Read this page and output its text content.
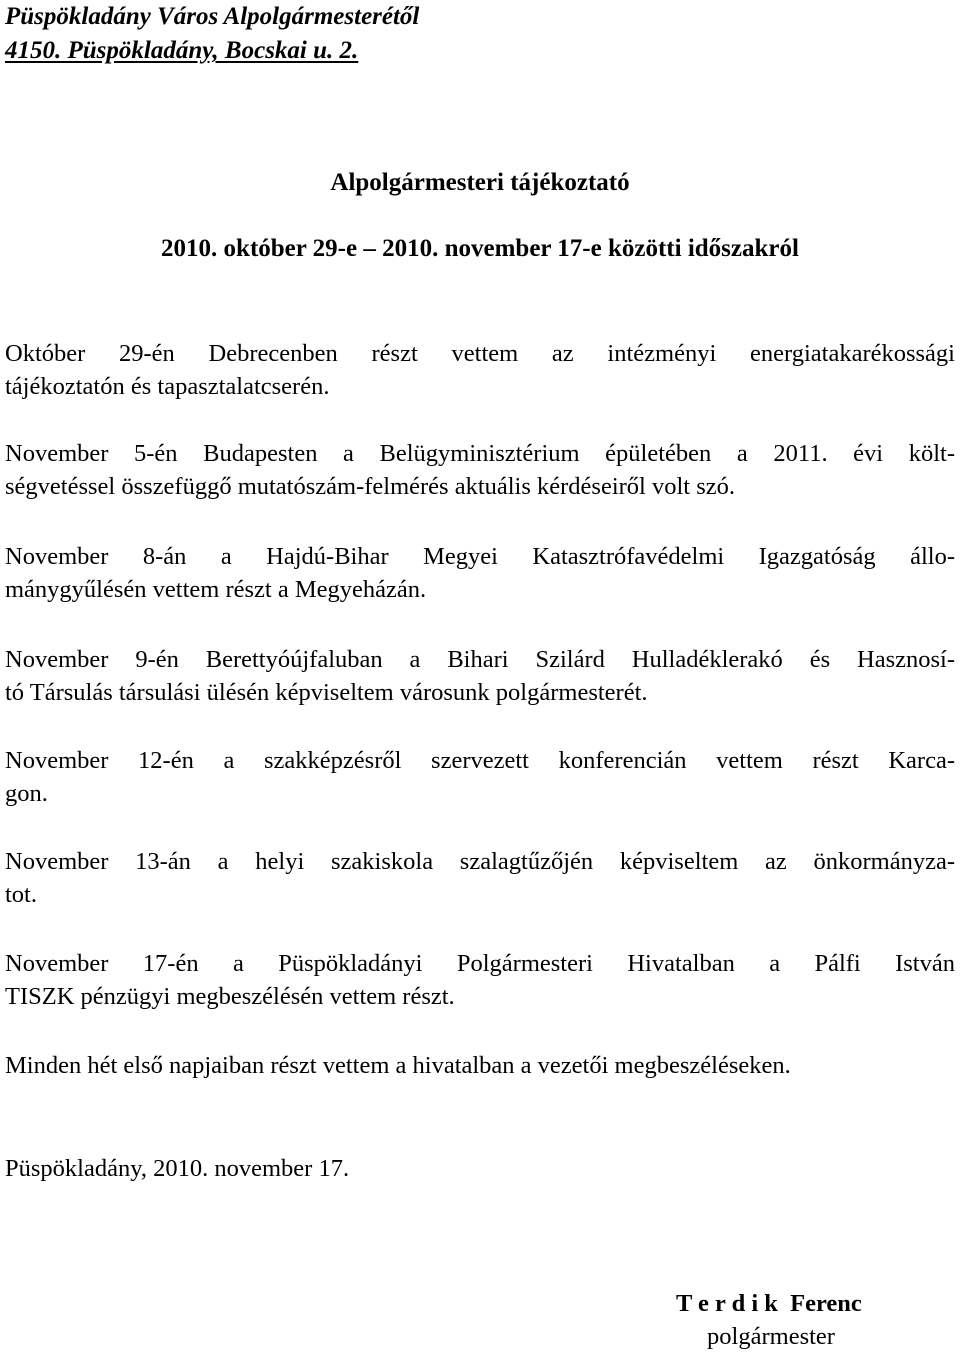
Püspökladány Város Alpolgármesterétől
4150. Püspökladány, Bocskai u. 2.
Alpolgármesteri tájékoztató
2010. október 29-e – 2010. november 17-e közötti időszakról
Október 29-én Debrecenben részt vettem az intézményi energiatakarékossági
tájékoztatón és tapasztalatcserén.
November 5-én Budapesten a Belügyminisztérium épületében a 2011. évi költ-
ségvetéssel összefüggő mutatószám-felmérés aktuális kérdéseiről volt szó.
November 8-án a Hajdú-Bihar Megyei Katasztrófavédelmi Igazgatóság állo-
mánygyűlésén vettem részt a Megyeházán.
November 9-én Berettyóújfaluban a Bihari Szilárd Hulladéklerakó és Hasznosí-
tó Társulás társulási ülésén képviseltem városunk polgármesterét.
November 12-én a szakképzésről szervezett konferencián vettem részt Karca-
gon.
November 13-án a helyi szakiskola szalagtűzőjén képviseltem az önkormányza-
tot.
November 17-én a Püspökladányi Polgármesteri Hivatalban a Pálfi István
TISZK pénzügyi megbeszélésén vettem részt.
Minden hét első napjaiban részt vettem a hivatalban a vezetői megbeszéléseken.
Püspökladány, 2010. november 17.
T e r d i k  Ferenc
polgármester
